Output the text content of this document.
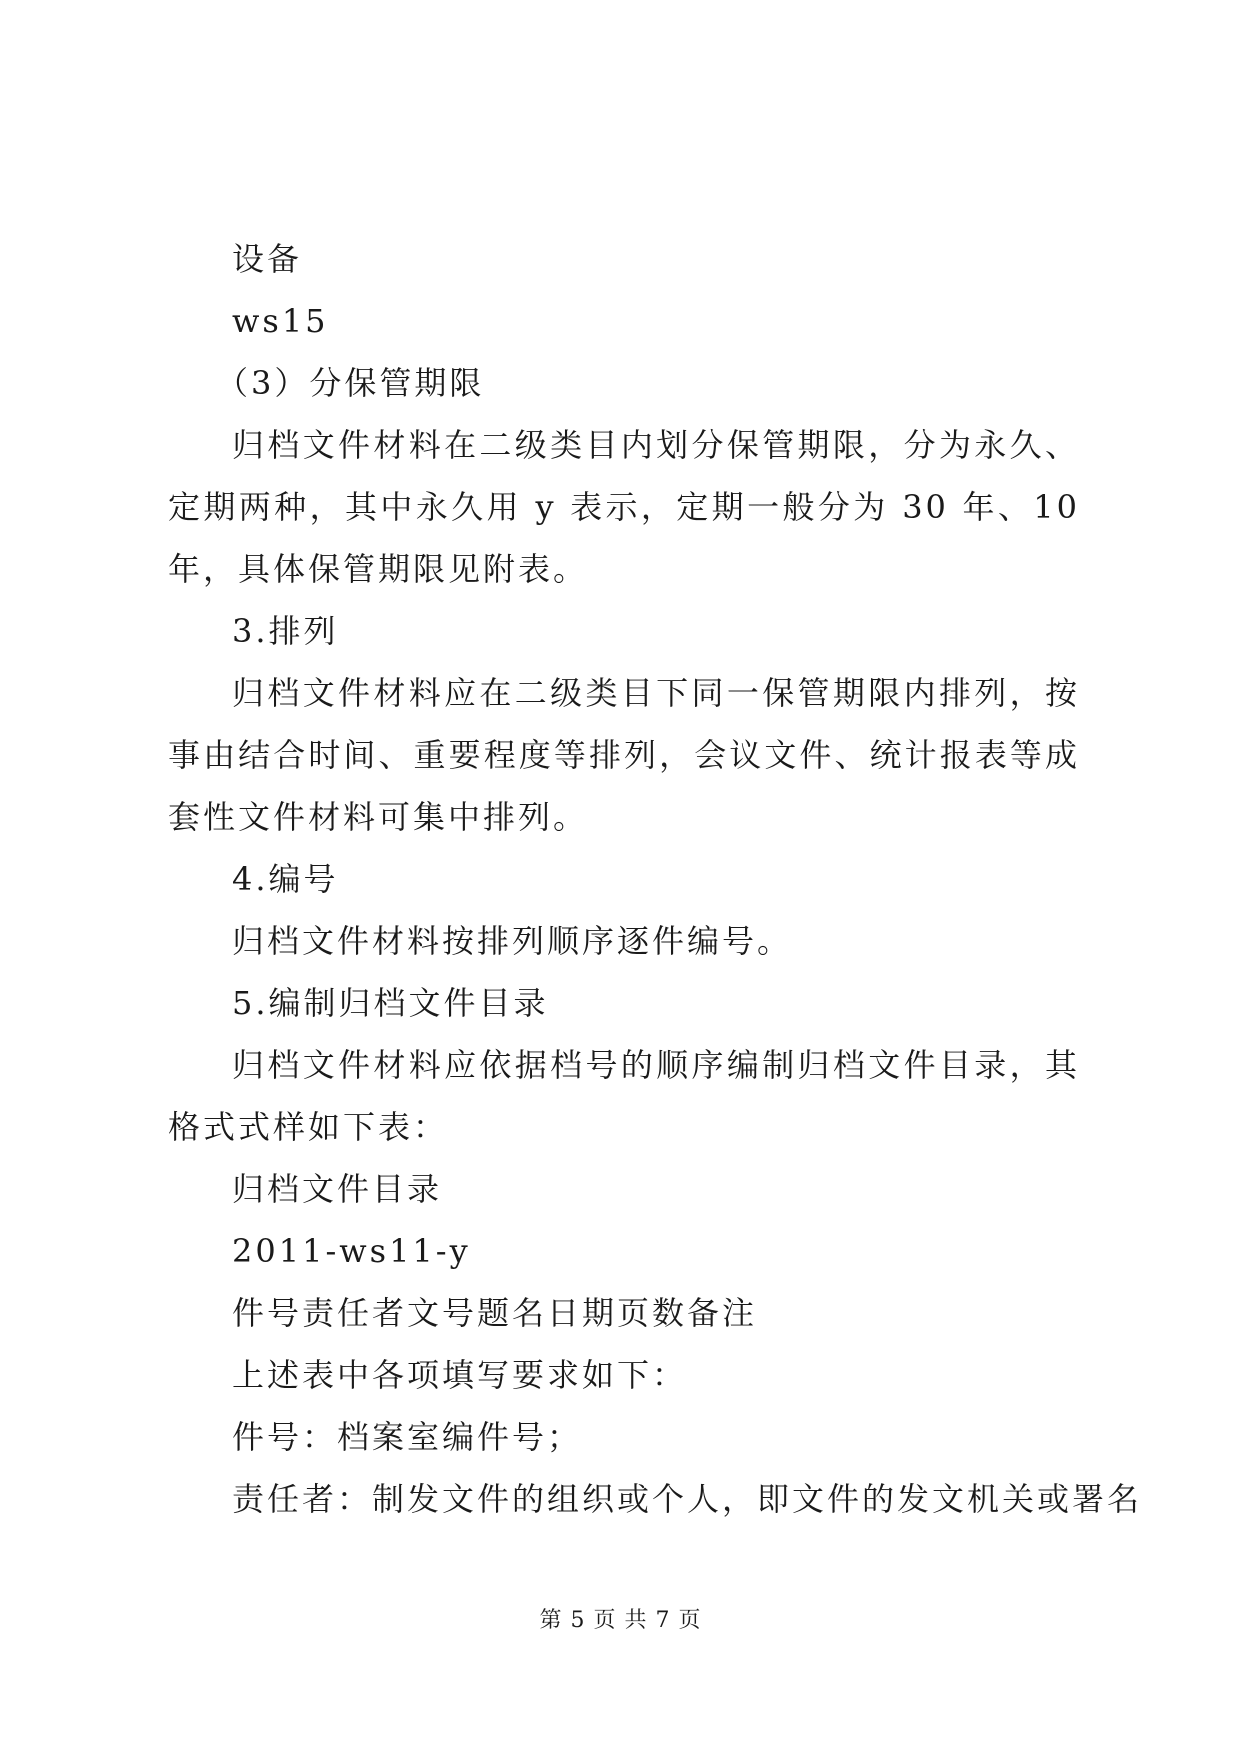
设备

ws15

（3）分保管期限

归档文件材料在二级类目内划分保管期限，分为永久、定期两种，其中永久用 y 表示，定期一般分为 30 年、10 年，具体保管期限见附表。

3.排列

归档文件材料应在二级类目下同一保管期限内排列，按事由结合时间、重要程度等排列，会议文件、统计报表等成套性文件材料可集中排列。

4.编号

归档文件材料按排列顺序逐件编号。

5.编制归档文件目录

归档文件材料应依据档号的顺序编制归档文件目录，其格式式样如下表：

归档文件目录

2011-ws11-y

件号责任者文号题名日期页数备注

上述表中各项填写要求如下：

件号：档案室编件号；

责任者：制发文件的组织或个人，即文件的发文机关或署名

第 5 页 共 7 页
